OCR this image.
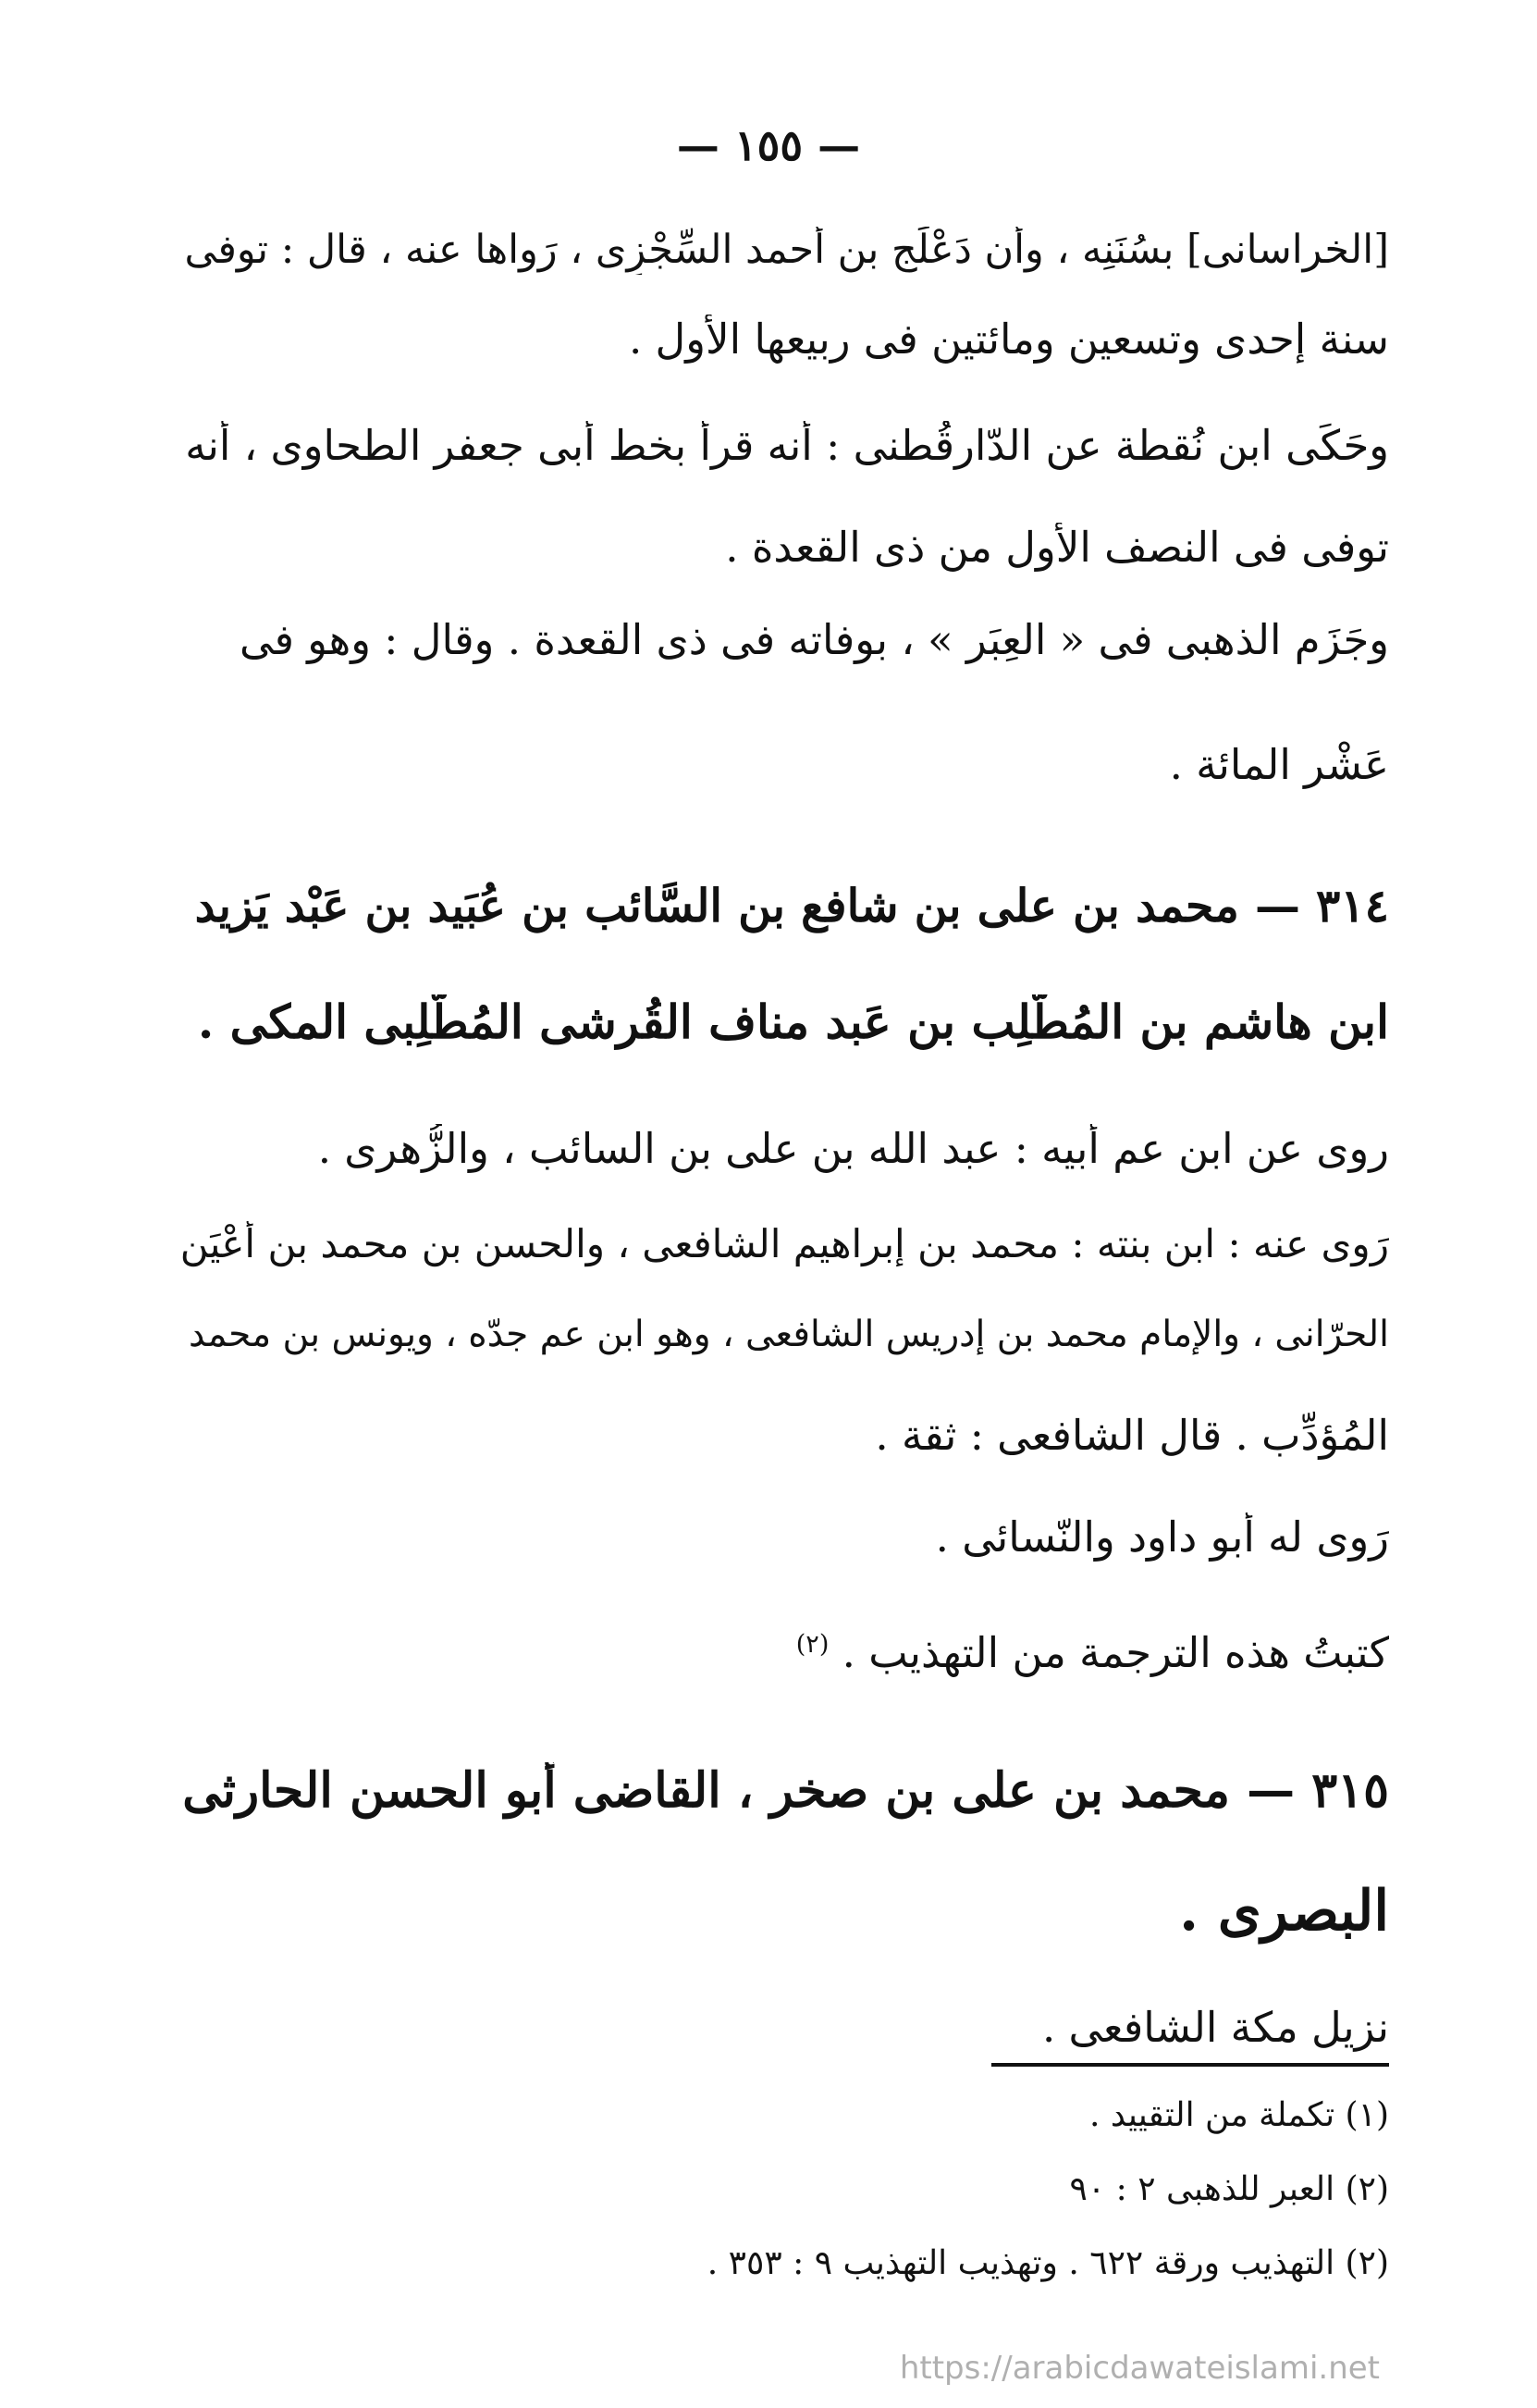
— ١٥٥ —
[الخراسانى] بسُنَنِه ، وأن دَعْلَج بن أحمد السِّجْزِى ، رَواها عنه ، قال : توفى
سنة إحدى وتسعين ومائتين فى ربيعها الأول .
وحَكَى ابن نُقطة عن الدّارقُطنى : أنه قرأ بخط أبى جعفر الطحاوى ، أنه
توفى فى النصف الأول من ذى القعدة .
وجَزَم الذهبى فى « العِبَر » ، بوفاته فى ذى القعدة . وقال : وهو فى
عَشْر المائة .
٣١٤ — محمد بن على بن شافع بن السَّائب بن عُبَيد بن عَبْد يَزيد
ابن هاشم بن المُطَّلِب بن عَبد مناف القُرشى المُطَّلِبى المكى .
روى عن ابن عم أبيه : عبد الله بن على بن السائب ، والزُّهرى .
رَوى عنه : ابن بنته : محمد بن إبراهيم الشافعى ، والحسن بن محمد بن أَعْيَن
الحرّانى ، والإمام محمد بن إدريس الشافعى ، وهو ابن عم جدّه ، ويونس بن محمد
المُؤدِّب . قال الشافعى : ثقة .
رَوى له أبو داود والنّسائى .
كتبتُ هذه الترجمة من التهذيب . $^{(٢)}$
٣١٥ — محمد بن على بن صخر ، القاضى أبو الحسن الحارثى
البصرى .
نزيل مكة الشافعى .
(١) تكملة من التقييد .
(٢) العبر للذهبى ٢ : ٩٠
(٢) التهذيب ورقة ٦٢٢ . وتهذيب التهذيب ٩ : ٣٥٣ .
https://arabicdawateislami.net
